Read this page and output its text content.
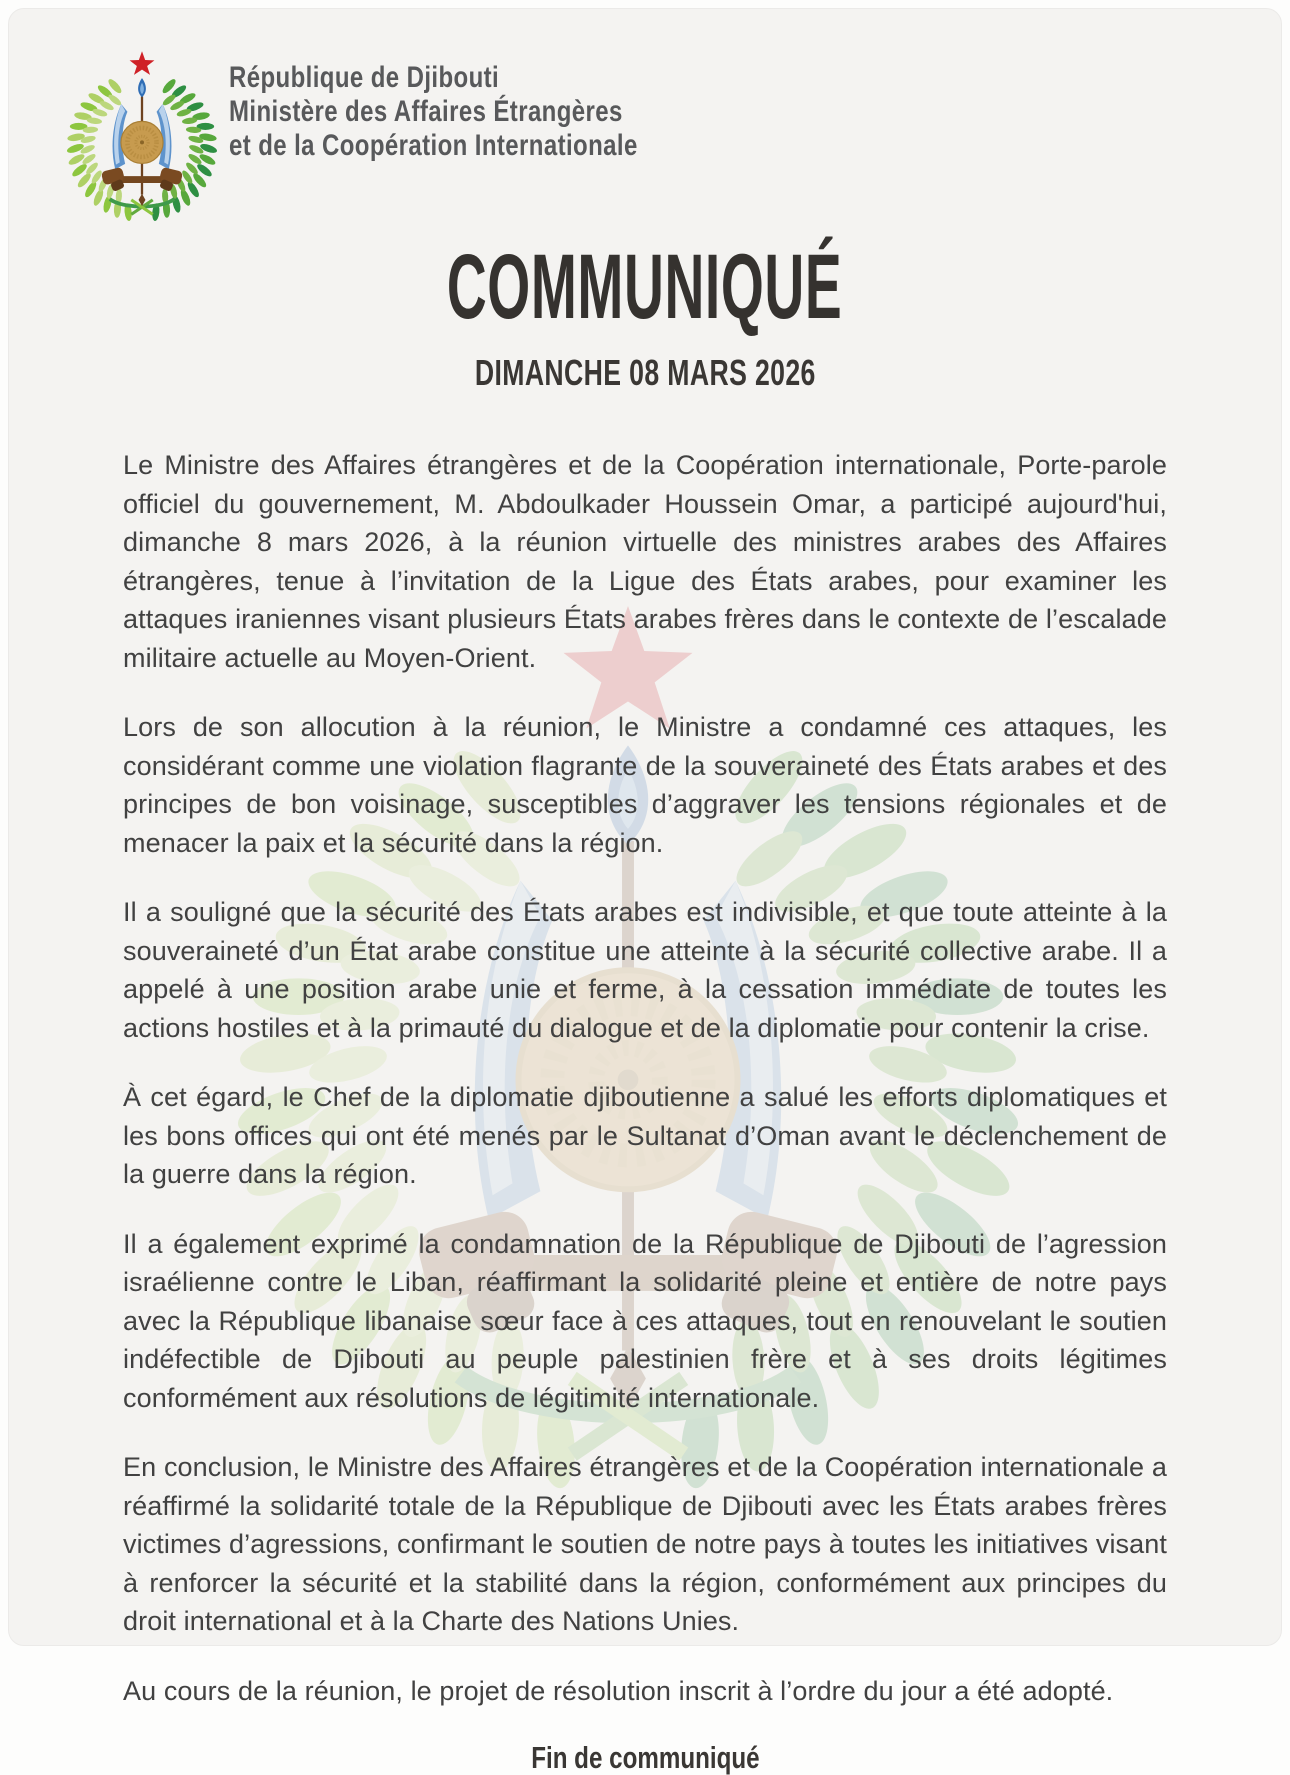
République de Djibouti
Ministère des Affaires Étrangères
et de la Coopération Internationale
COMMUNIQUÉ
DIMANCHE 08 MARS 2026

Le Ministre des Affaires étrangères et de la Coopération internationale, Porte-parole officiel du gouvernement, M. Abdoulkader Houssein Omar, a participé aujourd'hui, dimanche 8 mars 2026, à la réunion virtuelle des ministres arabes des Affaires étrangères, tenue à l’invitation de la Ligue des États arabes, pour examiner les attaques iraniennes visant plusieurs États arabes frères dans le contexte de l’escalade militaire actuelle au Moyen-Orient.

Lors de son allocution à la réunion, le Ministre a condamné ces attaques, les considérant comme une violation flagrante de la souveraineté des États arabes et des principes de bon voisinage, susceptibles d’aggraver les tensions régionales et de menacer la paix et la sécurité dans la région.

Il a souligné que la sécurité des États arabes est indivisible, et que toute atteinte à la souveraineté d’un État arabe constitue une atteinte à la sécurité collective arabe. Il a appelé à une position arabe unie et ferme, à la cessation immédiate de toutes les actions hostiles et à la primauté du dialogue et de la diplomatie pour contenir la crise.

À cet égard, le Chef de la diplomatie djiboutienne a salué les efforts diplomatiques et les bons offices qui ont été menés par le Sultanat d’Oman avant le déclenchement de la guerre dans la région.

Il a également exprimé la condamnation de la République de Djibouti de l’agression israélienne contre le Liban, réaffirmant la solidarité pleine et entière de notre pays avec la République libanaise sœur face à ces attaques, tout en renouvelant le soutien indéfectible de Djibouti au peuple palestinien frère et à ses droits légitimes conformément aux résolutions de légitimité internationale.

En conclusion, le Ministre des Affaires étrangères et de la Coopération internationale a réaffirmé la solidarité totale de la République de Djibouti avec les États arabes frères victimes d’agressions, confirmant le soutien de notre pays à toutes les initiatives visant à renforcer la sécurité et la stabilité dans la région, conformément aux principes du droit international et à la Charte des Nations Unies.

Au cours de la réunion, le projet de résolution inscrit à l’ordre du jour a été adopté.

Fin de communiqué
